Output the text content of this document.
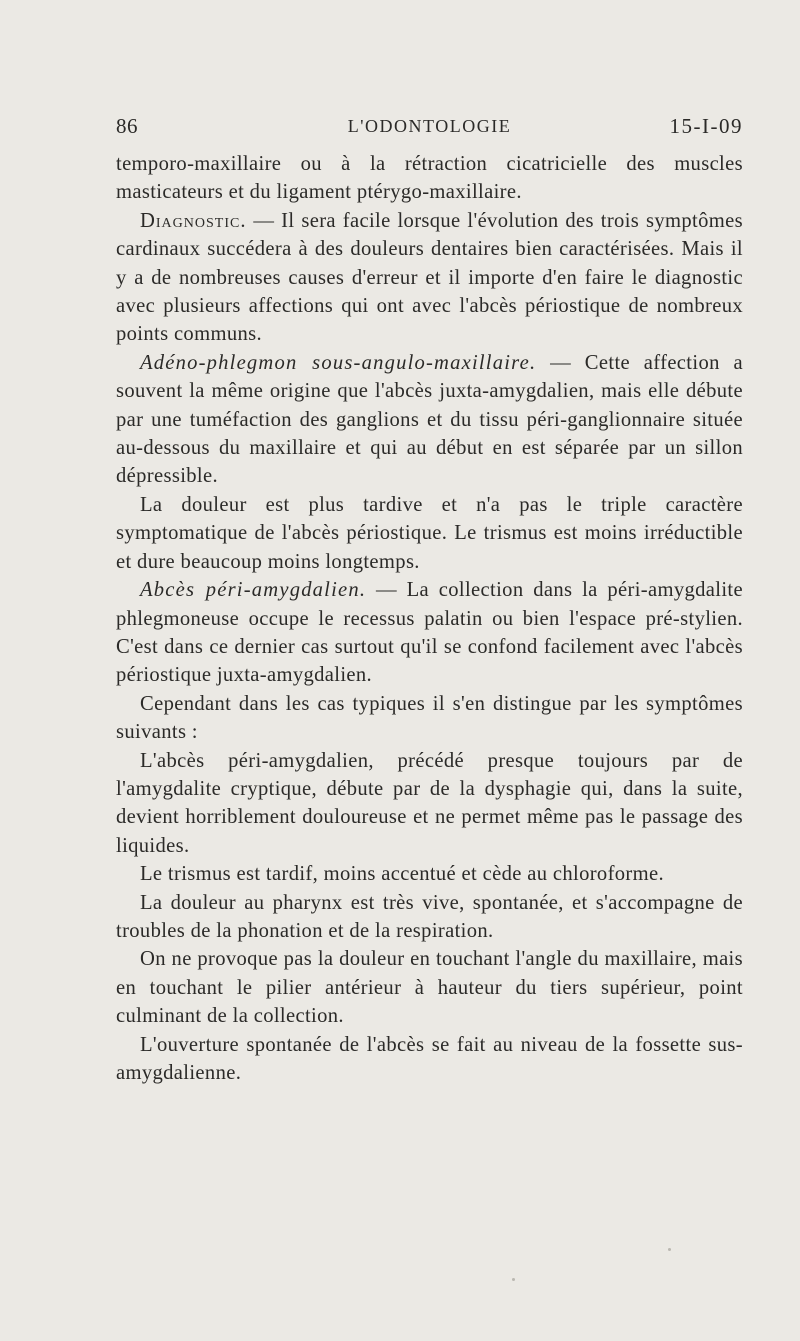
86	L'ODONTOLOGIE	15-I-09

temporo-maxillaire ou à la rétraction cicatricielle des muscles masticateurs et du ligament ptérygo-maxillaire.

Diagnostic. — Il sera facile lorsque l'évolution des trois symptômes cardinaux succédera à des douleurs dentaires bien caractérisées. Mais il y a de nombreuses causes d'erreur et il importe d'en faire le diagnostic avec plusieurs affections qui ont avec l'abcès périostique de nombreux points communs.

Adéno-phlegmon sous-angulo-maxillaire. — Cette affection a souvent la même origine que l'abcès juxta-amygdalien, mais elle débute par une tuméfaction des ganglions et du tissu péri-ganglionnaire située au-dessous du maxillaire et qui au début en est séparée par un sillon dépressible.

La douleur est plus tardive et n'a pas le triple caractère symptomatique de l'abcès périostique. Le trismus est moins irréductible et dure beaucoup moins longtemps.

Abcès péri-amygdalien. — La collection dans la péri-amygdalite phlegmoneuse occupe le recessus palatin ou bien l'espace pré-stylien. C'est dans ce dernier cas surtout qu'il se confond facilement avec l'abcès périostique juxta-amygdalien.

Cependant dans les cas typiques il s'en distingue par les symptômes suivants :

L'abcès péri-amygdalien, précédé presque toujours par de l'amygdalite cryptique, débute par de la dysphagie qui, dans la suite, devient horriblement douloureuse et ne permet même pas le passage des liquides.

Le trismus est tardif, moins accentué et cède au chloroforme.

La douleur au pharynx est très vive, spontanée, et s'accompagne de troubles de la phonation et de la respiration.

On ne provoque pas la douleur en touchant l'angle du maxillaire, mais en touchant le pilier antérieur à hauteur du tiers supérieur, point culminant de la collection.

L'ouverture spontanée de l'abcès se fait au niveau de la fossette sus-amygdalienne.
